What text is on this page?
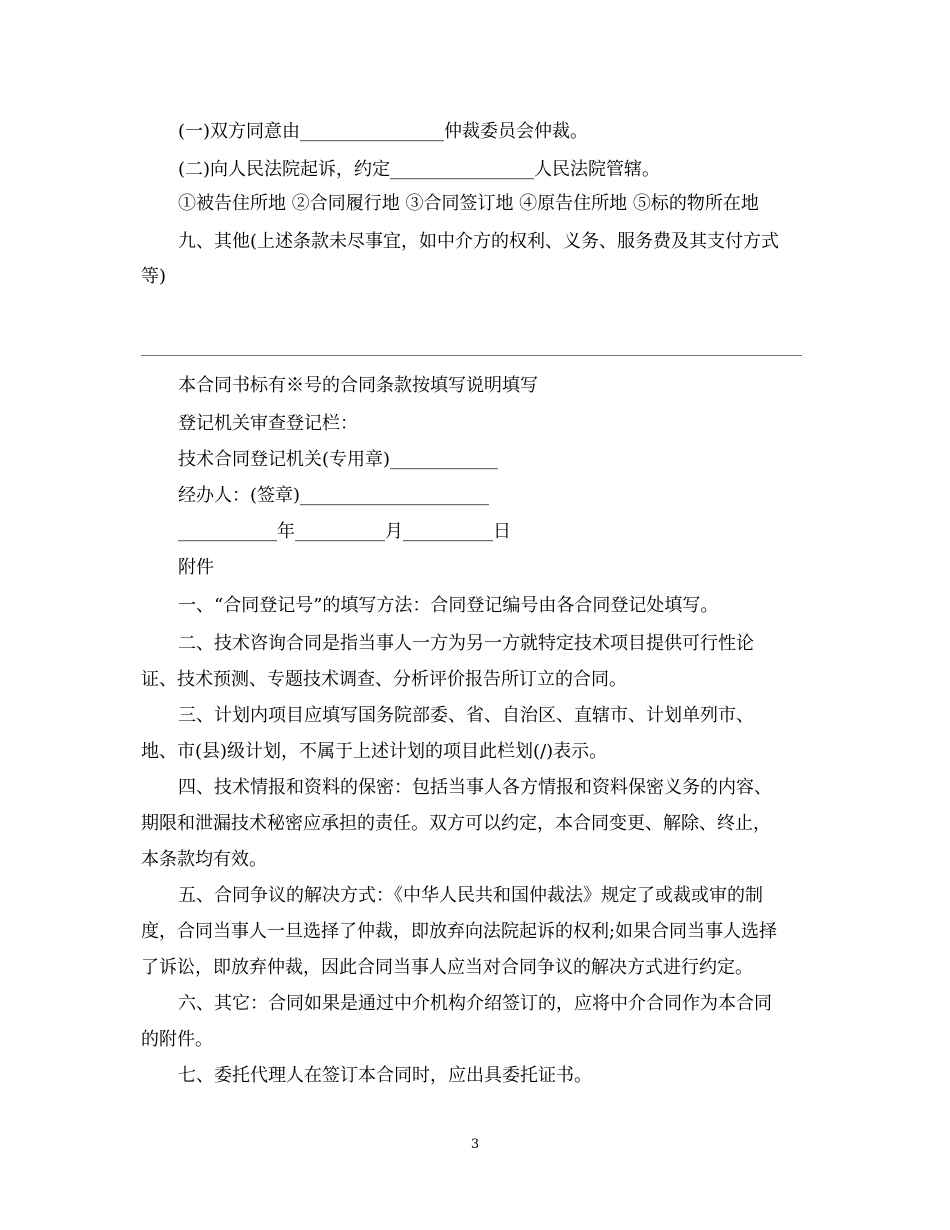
(一)双方同意由________________仲裁委员会仲裁。
(二)向人民法院起诉，约定________________人民法院管辖。
①被告住所地 ②合同履行地 ③合同签订地 ④原告住所地 ⑤标的物所在地
九、其他(上述条款未尽事宜，如中介方的权利、义务、服务费及其支付方式
等)
本合同书标有※号的合同条款按填写说明填写
登记机关审查登记栏：
技术合同登记机关(专用章)____________
经办人：(签章)_____________________
___________年__________月__________日
附件
一、“合同登记号”的填写方法：合同登记编号由各合同登记处填写。
二、技术咨询合同是指当事人一方为另一方就特定技术项目提供可行性论
证、技术预测、专题技术调查、分析评价报告所订立的合同。
三、计划内项目应填写国务院部委、省、自治区、直辖市、计划单列市、
地、市(县)级计划，不属于上述计划的项目此栏划(/)表示。
四、技术情报和资料的保密：包括当事人各方情报和资料保密义务的内容、
期限和泄漏技术秘密应承担的责任。双方可以约定，本合同变更、解除、终止，
本条款均有效。
五、合同争议的解决方式：《中华人民共和国仲裁法》规定了或裁或审的制
度，合同当事人一旦选择了仲裁，即放弃向法院起诉的权利;如果合同当事人选择
了诉讼，即放弃仲裁，因此合同当事人应当对合同争议的解决方式进行约定。
六、其它：合同如果是通过中介机构介绍签订的，应将中介合同作为本合同
的附件。
七、委托代理人在签订本合同时，应出具委托证书。
3
